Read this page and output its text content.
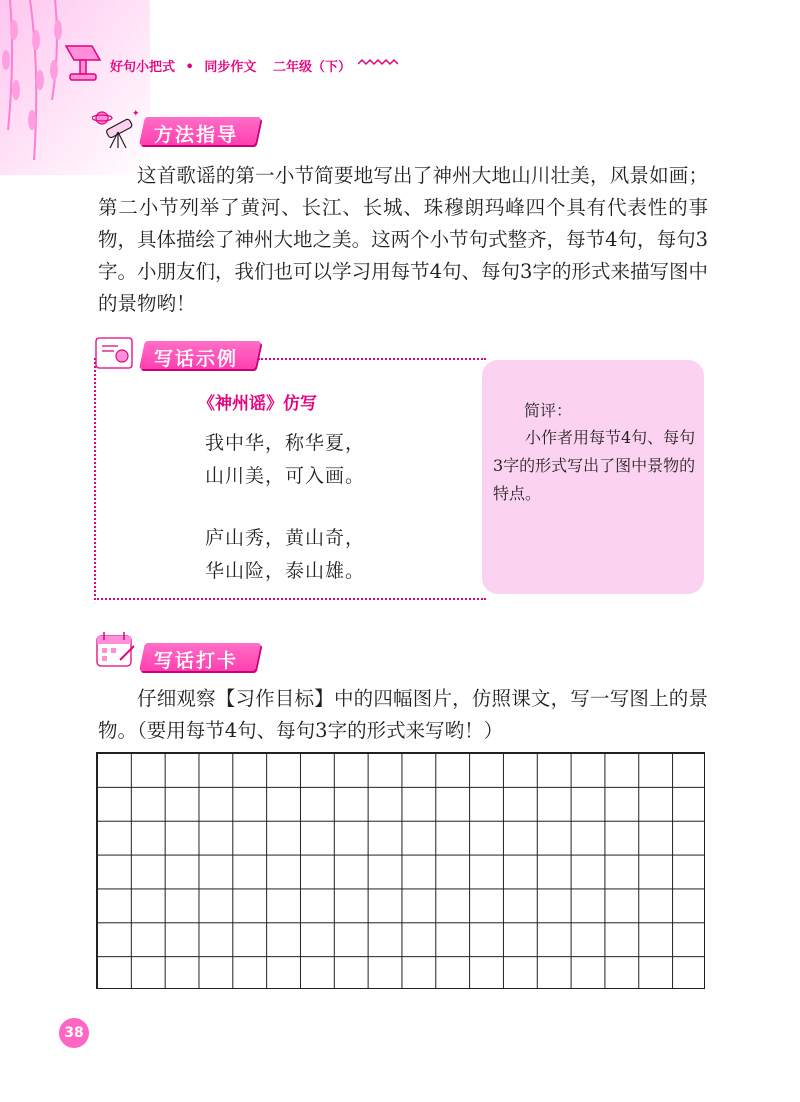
好句小把式 • 同步作文 二年级（下）
✦
方法指导

这首歌谣的第一小节简要地写出了神州大地山川壮美，风景如画；第二小节列举了黄河、长江、长城、珠穆朗玛峰四个具有代表性的事物，具体描绘了神州大地之美。这两个小节句式整齐，每节4句，每句3字。小朋友们，我们也可以学习用每节4句、每句3字的形式来描写图中的景物哟！

写话示例
《神州谣》仿写
我中华，称华夏，
山川美，可入画。
庐山秀，黄山奇，
华山险，泰山雄。
简评：

小作者用每节4句、每句3字的形式写出了图中景物的特点。

写话打卡

仔细观察【习作目标】中的四幅图片，仿照课文，写一写图上的景物。（要用每节4句、每句3字的形式来写哟！）

38
